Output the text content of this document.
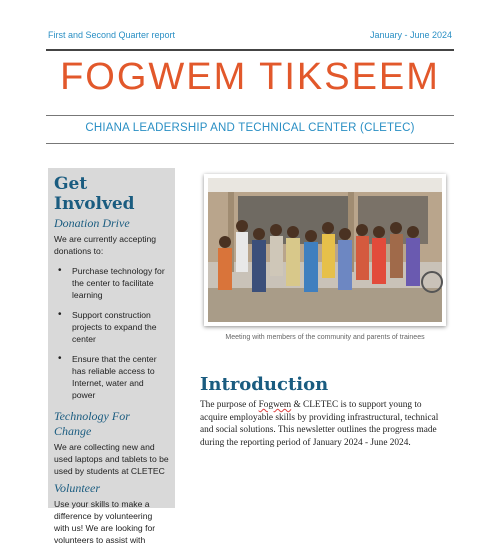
First and Second Quarter report	January - June 2024
FOGWEM TIKSEEM
CHIANA LEADERSHIP AND TECHNICAL CENTER (CLETEC)
Get Involved
Donation Drive
We are currently accepting donations to:
• Purchase technology for the center to facilitate learning
• Support construction projects to expand the center
• Ensure that the center has reliable access to Internet, water and power
Technology For Change
We are collecting new and used laptops and tablets to be used by students at CLETEC
Volunteer
Use your skills to make a difference by volunteering with us! We are looking for volunteers to assist with
Meeting with members of the community and parents of trainees
Introduction

The purpose of Fogwem & CLETEC is to support young to acquire employable skills by providing infrastructural, technical and social solutions. This newsletter outlines the progress made during the reporting period of January 2024 - June 2024.
